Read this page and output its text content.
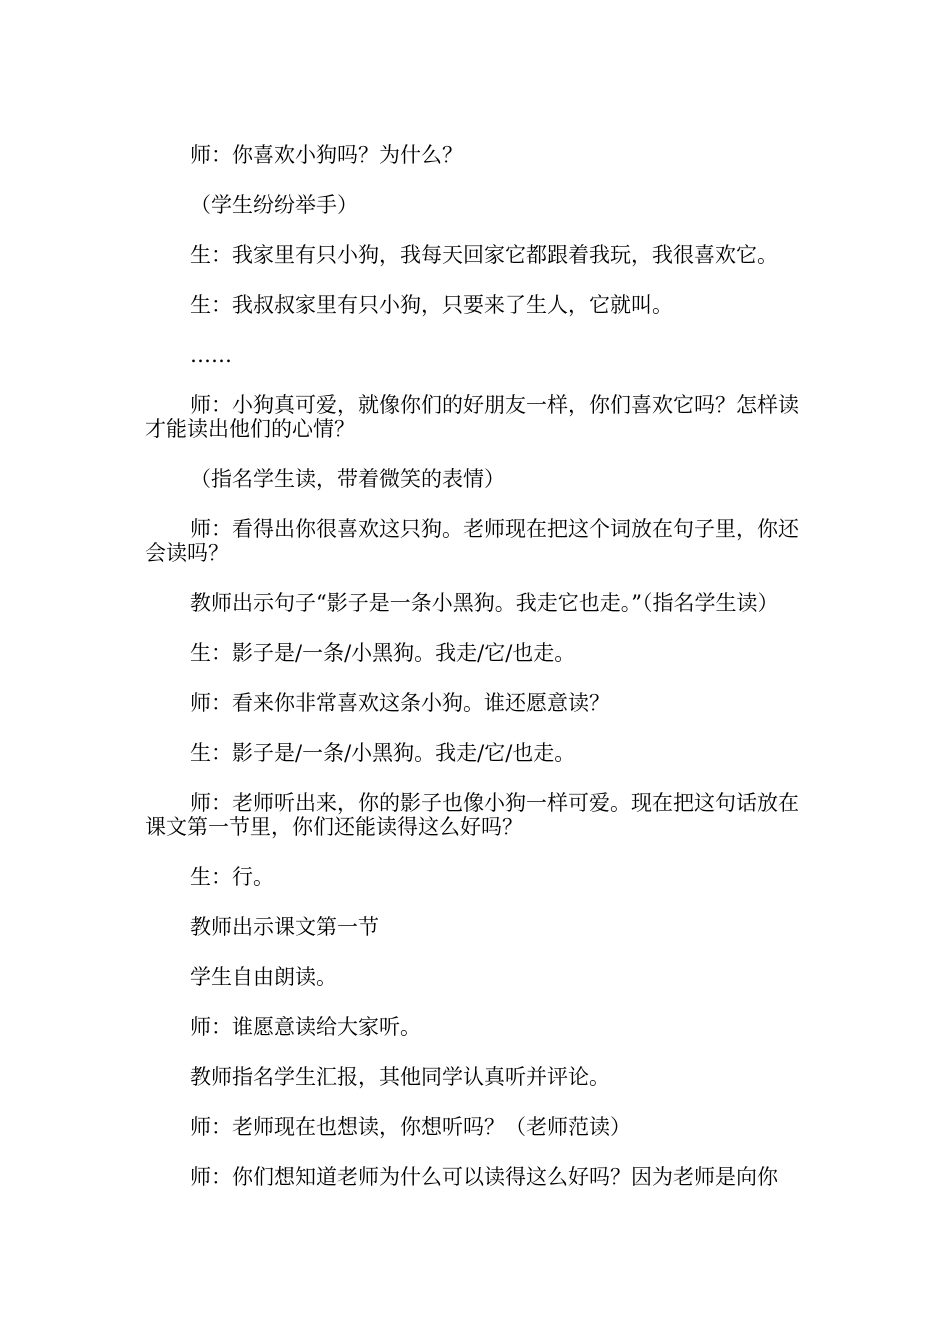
师：你喜欢小狗吗？为什么？

（学生纷纷举手）

生：我家里有只小狗，我每天回家它都跟着我玩，我很喜欢它。

生：我叔叔家里有只小狗，只要来了生人，它就叫。

……

师：小狗真可爱，就像你们的好朋友一样，你们喜欢它吗？怎样读才能读出他们的心情？

（指名学生读，带着微笑的表情）

师：看得出你很喜欢这只狗。老师现在把这个词放在句子里，你还会读吗？

教师出示句子“影子是一条小黑狗。我走它也走。”（指名学生读）

生：影子是/一条/小黑狗。我走/它/也走。

师：看来你非常喜欢这条小狗。谁还愿意读？

生：影子是/一条/小黑狗。我走/它/也走。

师：老师听出来，你的影子也像小狗一样可爱。现在把这句话放在课文第一节里，你们还能读得这么好吗？

生：行。

教师出示课文第一节

学生自由朗读。

师：谁愿意读给大家听。

教师指名学生汇报，其他同学认真听并评论。

师：老师现在也想读，你想听吗？（老师范读）

师：你们想知道老师为什么可以读得这么好吗？因为老师是向你
